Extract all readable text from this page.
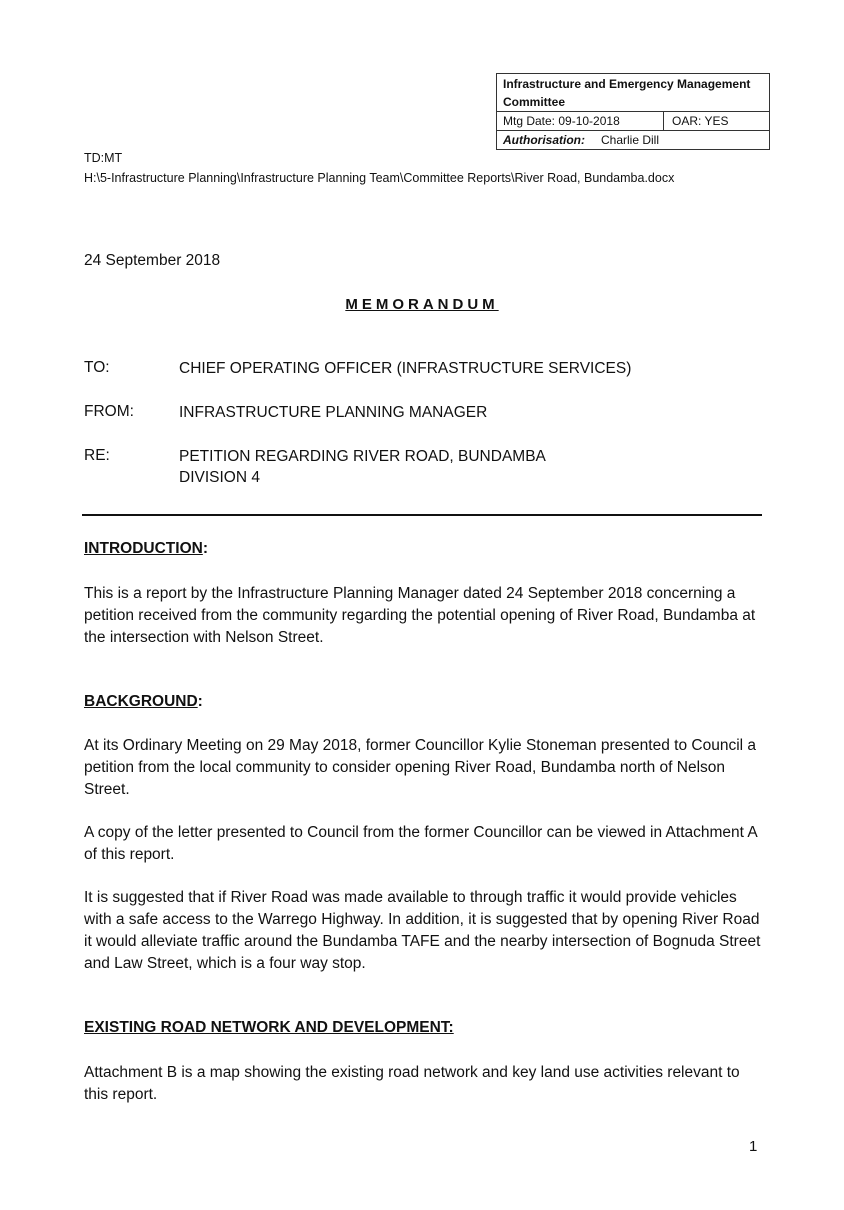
Infrastructure and Emergency Management Committee
Mtg Date: 09-10-2018	OAR: YES
Authorisation: Charlie Dill
TD:MT
H:\5-Infrastructure Planning\Infrastructure Planning Team\Committee Reports\River Road, Bundamba.docx
24 September 2018
MEMORANDUM
TO:	CHIEF OPERATING OFFICER (INFRASTRUCTURE SERVICES)
FROM:	INFRASTRUCTURE PLANNING MANAGER
RE:	PETITION REGARDING RIVER ROAD, BUNDAMBA
DIVISION 4
INTRODUCTION:
This is a report by the Infrastructure Planning Manager dated 24 September 2018 concerning a petition received from the community regarding the potential opening of River Road, Bundamba at the intersection with Nelson Street.
BACKGROUND:
At its Ordinary Meeting on 29 May 2018, former Councillor Kylie Stoneman presented to Council a petition from the local community to consider opening River Road, Bundamba north of Nelson Street.
A copy of the letter presented to Council from the former Councillor can be viewed in Attachment A of this report.
It is suggested that if River Road was made available to through traffic it would provide vehicles with a safe access to the Warrego Highway. In addition, it is suggested that by opening River Road it would alleviate traffic around the Bundamba TAFE and the nearby intersection of Bognuda Street and Law Street, which is a four way stop.
EXISTING ROAD NETWORK AND DEVELOPMENT:
Attachment B is a map showing the existing road network and key land use activities relevant to this report.
1
